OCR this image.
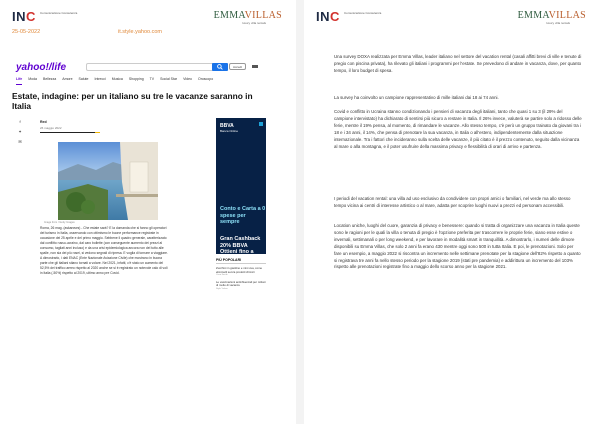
INC Comunicazione Consulenza	EMMAVILLAS
luxury villa rentals
25-05-2022	it.style.yahoo.com
yahoo!/life	Accedi
Life Moda Bellezza Amore Salute Intrecci Musica Shopping TV Social Star Video Oroscopo
Estate, indagine: per un italiano su tre le vacanze saranno in Italia
f
✦
✉
Red
26 maggio 2022
Image from / Getty Images
Roma, 26 mag. (askanews) - Che estate sarà? E la domanda che si fanno gli operatori del turismo in Italia, osservando con ottimismo le buone performance registrate in occasione dei 25 aprile e del primo maggio. Sebbene il quadro generale, caratterizzato dal conflitto russo-ucraino, dal caro bollette (con conseguente aumento dei prezzi al consumo, tagliati anni incluso) e da una crisi epidemiologica ancora non del tutto alle spalle, non sia dei più rosei, si vedono segnali di ripresa. E voglia di tornare a viaggiare. A dimostrarlo, i dati ENAC (Ente Nazionale Aviazione Civile) che mostrano in buona parte che gli italiani stiano tornati a volare. Nel 2021, infatti, c'è stato un aumento del 52,5% dei traffico aereo rispetto al 2020 anche se si è registrato un notevole calo di voli in Italia (-50%) rispetto al 2019, ultimo anno pre Covid.
BBVA
Banca Online
Conto e Carta a 0 spese per sempre
Gran Cashback 20% BBVA Ottieni fino a
PIÙ POPOLARI
Zucchini in giardino e mini uva, come eliminarli senza prodotti chimici
Casa Facile
Le vaccinazioni antinfluenzali per milioni di molto di vacanze
Style Yahoo
INC Comunicazione Consulenza	EMMAVILLAS
luxury villa rentals

Una survey DOXA realizzata per Emma Villas, leader italiano nel settore del vacation rental (casali affitti brevi di ville e tenute di pregio con piscina privata), ha rilevato gli italiani i programmi per l'estate. Se prevedono di andare in vacanza, dove, per quanto tempo, il loro budget di spesa.

La survey ha coinvolto un campione rappresentativo di mille italiani dai 18 ai 74 anni.

Covid e conflitto in Ucraina stanno condizionando i pensieri di vacanza degli italiani, tanto che quasi 1 su 3 (il 29% del campione intervistato) ha dichiarato di sentirsi più sicuro a restare in Italia. Il 26% invece, valuterà se partire solo a ridosso delle ferie, mentre il 19% pensa, al momento, di rimandare le vacanze. Allo stesso tempo, c'è però un gruppo trainato da giovani tra i 18 e i 34 anni, il 14%, che pensa di prenotare la sua vacanza, in Italia o all'estero, indipendentemente dalla situazione internazionale. Tra i fattori che incideranno sulla scelta delle vacanze, il più citato è il prezzo contenuto, seguito dalla vicinanza al mare o alla montagna, e il poter usufruire della massima privacy e flessibilità di orari di arrivo e partenza.

I periodi del vacation rental: una villa ad uso esclusivo da condividere con propri amici o familiari, nel verde ma allo stesso tempo vicina ai centri di interesse artistico o al mare, adatta per scoprire luoghi nuovi a prezzi ed personam accessibili.

Location uniche, luoghi del cuore, garanzia di privacy e benessere: quando si tratta di organizzare una vacanza in Italia queste sono le ragioni per le quali la villa o tenuta di pregio è l'opzione preferita per trascorrere le proprie ferie, siano esse estive o invernali, settimanali o per long weekend, e per lavorare in modalità smart in tranquillità. A dimostrarlo, i numeri delle dimore disponibili su Emma Villas, che solo 2 anni fa erano 430 mentre oggi sono 500 in tutta Italia. E poi, le prenotazioni. Solo per fare un esempio, a maggio 2022 si riscontra un incremento nelle settimane prenotate per la stagione dell'82% rispetto a quanto si registrava tre anni fa nello stesso periodo per la stagione 2019 (stati pre pandemia) e addirittura un incremento del 103% rispetto alle prenotazioni registrate fino a maggio dello scorso anno per la stagione 2021.
